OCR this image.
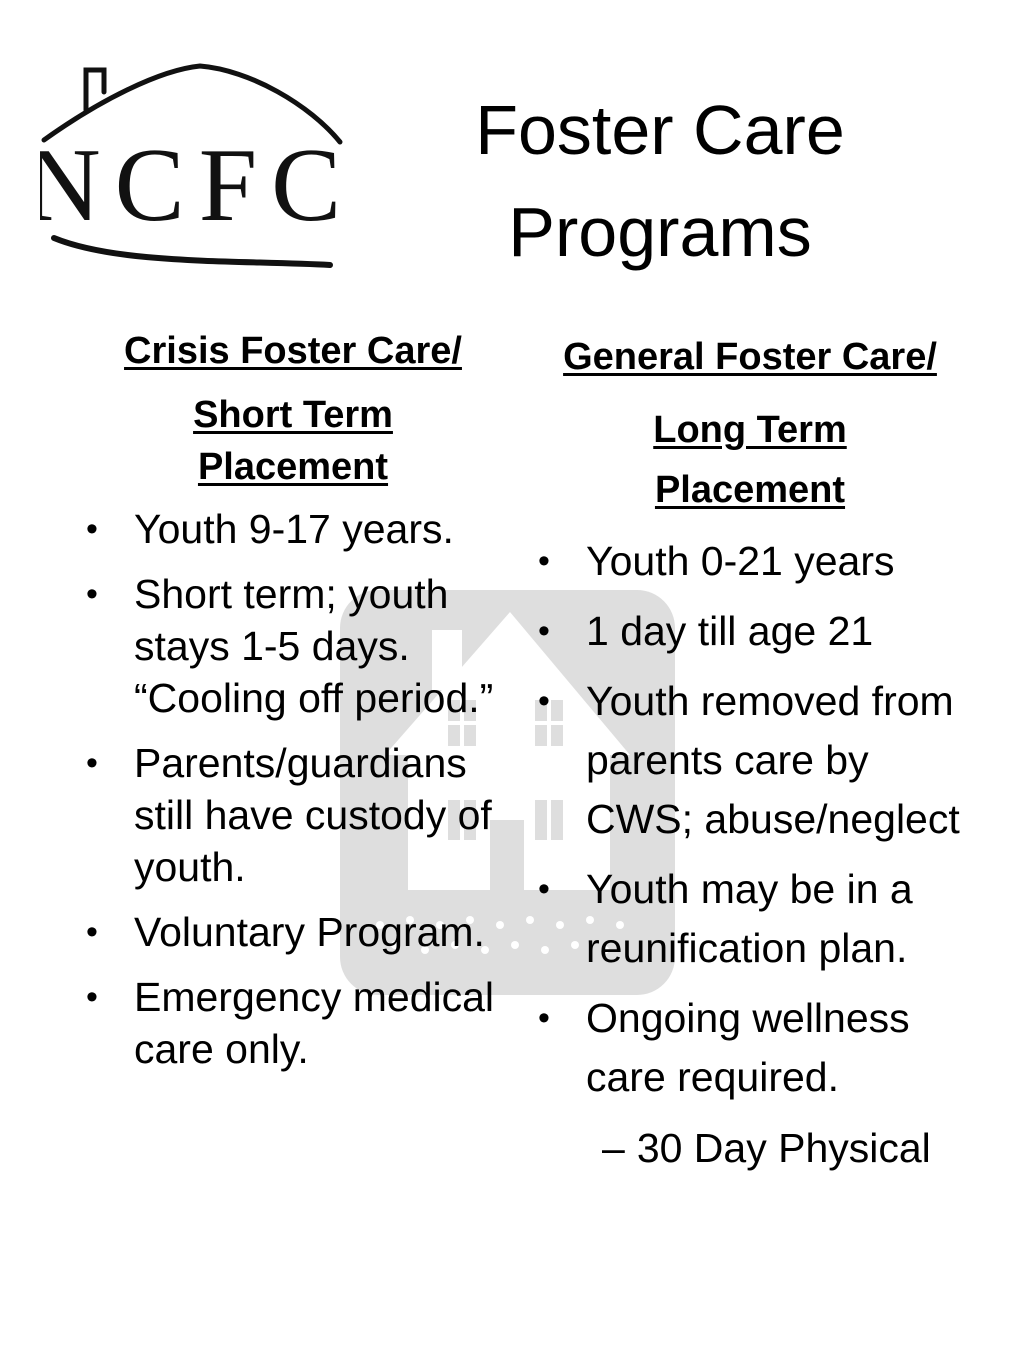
NCFC	Foster Care
Programs

Crisis Foster Care/

Short Term
Placement

• Youth 9-17 years.
• Short term; youth stays 1-5 days. “Cooling off period.”
• Parents/guardians still have custody of youth.
• Voluntary Program.
• Emergency medical care only.

General Foster Care/

Long Term
Placement

• Youth 0-21 years
• 1 day till age 21
• Youth removed from parents care by CWS; abuse/neglect
• Youth may be in a reunification plan.
• Ongoing wellness care required.
– 30 Day Physical
